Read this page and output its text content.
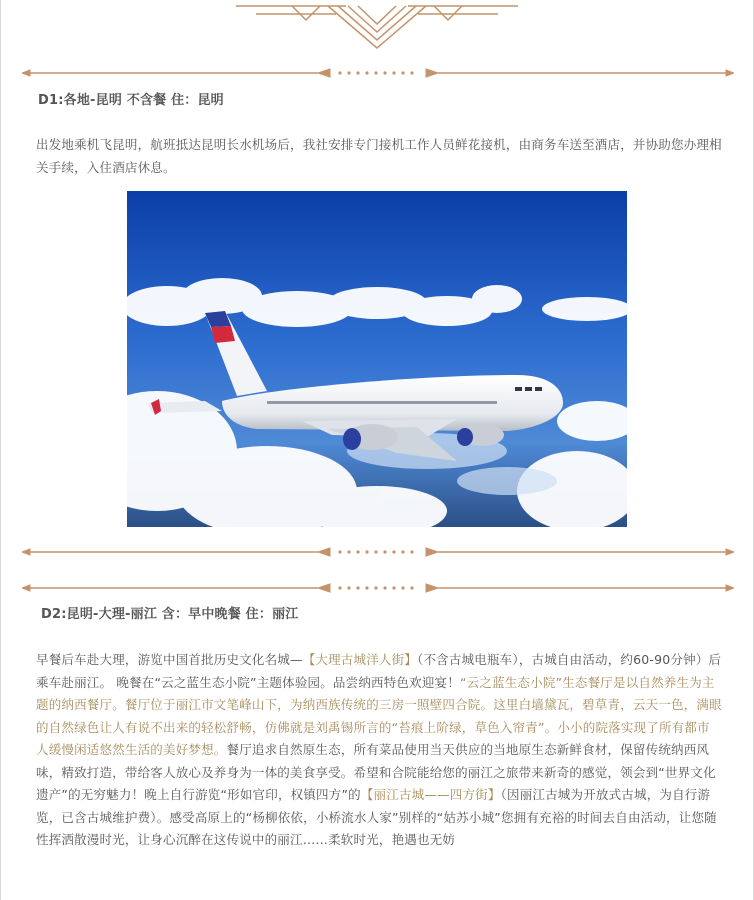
D1:各地-昆明 不含餐 住：昆明

出发地乘机飞昆明，航班抵达昆明长水机场后，我社安排专门接机工作人员鲜花接机，由商务车送至酒店，并协助您办理相关手续，入住酒店休息。

D2:昆明-大理-丽江 含：早中晚餐 住：丽江

早餐后车赴大理，游览中国首批历史文化名城—【大理古城洋人街】（不含古城电瓶车），古城自由活动，约60-90分钟）后乘车赴丽江。 晚餐在“云之蓝生态小院”主题体验园。品尝纳西特色欢迎宴！“云之蓝生态小院”生态餐厅是以自然养生为主题的纳西餐厅。餐厅位于丽江市文笔峰山下，为纳西族传统的三房一照壁四合院。这里白墙黛瓦，碧草青，云天一色，满眼的自然绿色让人有说不出来的轻松舒畅，仿佛就是刘禹锡所言的“苔痕上阶绿，草色入帘青”。小小的院落实现了所有都市人缓慢闲适悠然生活的美好梦想。餐厅追求自然原生态，所有菜品使用当天供应的当地原生态新鲜食材，保留传统纳西风味，精致打造，带给客人放心及养身为一体的美食享受。希望和合院能给您的丽江之旅带来新奇的感觉，领会到“世界文化遗产”的无穷魅力！晚上自行游览“形如官印，权镇四方”的【丽江古城——四方街】（因丽江古城为开放式古城，为自行游览，已含古城维护费）。感受高原上的“杨柳依依，小桥流水人家”别样的“姑苏小城”您拥有充裕的时间去自由活动，让您随性挥洒散漫时光，让身心沉醉在这传说中的丽江……柔软时光，艳遇也无妨
